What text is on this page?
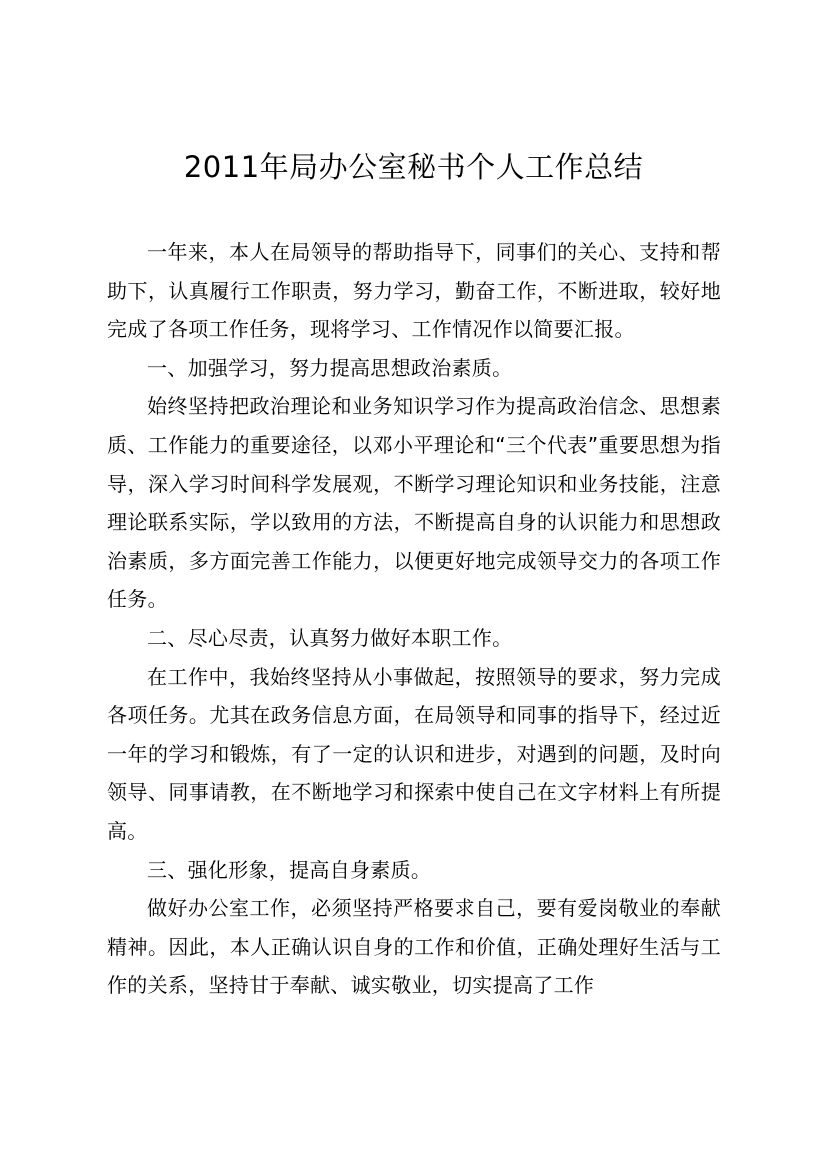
2011年局办公室秘书个人工作总结

一年来，本人在局领导的帮助指导下，同事们的关心、支持和帮助下，认真履行工作职责，努力学习，勤奋工作，不断进取，较好地完成了各项工作任务，现将学习、工作情况作以简要汇报。

一、加强学习，努力提高思想政治素质。

始终坚持把政治理论和业务知识学习作为提高政治信念、思想素质、工作能力的重要途径，以邓小平理论和“三个代表”重要思想为指导，深入学习时间科学发展观，不断学习理论知识和业务技能，注意理论联系实际，学以致用的方法，不断提高自身的认识能力和思想政治素质，多方面完善工作能力，以便更好地完成领导交力的各项工作任务。

二、尽心尽责，认真努力做好本职工作。

在工作中，我始终坚持从小事做起，按照领导的要求，努力完成各项任务。尤其在政务信息方面，在局领导和同事的指导下，经过近一年的学习和锻炼，有了一定的认识和进步，对遇到的问题，及时向领导、同事请教，在不断地学习和探索中使自己在文字材料上有所提高。

三、强化形象，提高自身素质。

做好办公室工作，必须坚持严格要求自己，要有爱岗敬业的奉献精神。因此，本人正确认识自身的工作和价值，正确处理好生活与工作的关系，坚持甘于奉献、诚实敬业，切实提高了工作
